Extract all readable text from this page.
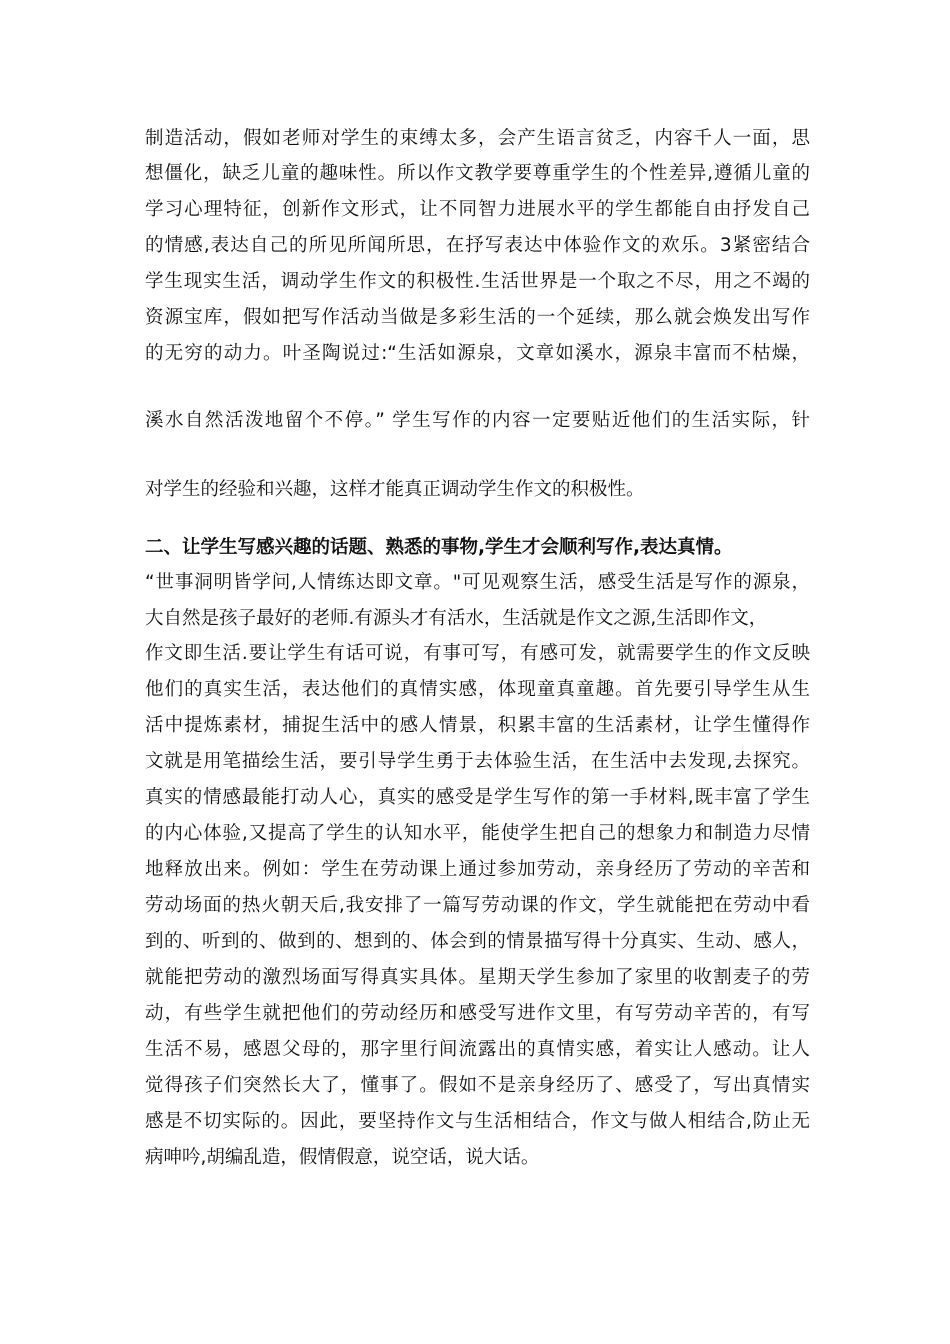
制造活动，假如老师对学生的束缚太多，会产生语言贫乏，内容千人一面，思
想僵化，缺乏儿童的趣味性。所以作文教学要尊重学生的个性差异,遵循儿童的
学习心理特征，创新作文形式，让不同智力进展水平的学生都能自由抒发自己
的情感,表达自己的所见所闻所思，在抒写表达中体验作文的欢乐。3紧密结合
学生现实生活，调动学生作文的积极性.生活世界是一个取之不尽，用之不竭的
资源宝库，假如把写作活动当做是多彩生活的一个延续，那么就会焕发出写作
的无穷的动力。叶圣陶说过:“生活如源泉，文章如溪水，源泉丰富而不枯燥，
溪水自然活泼地留个不停。” 学生写作的内容一定要贴近他们的生活实际，针
对学生的经验和兴趣，这样才能真正调动学生作文的积极性。
二、让学生写感兴趣的话题、熟悉的事物,学生才会顺利写作,表达真情。
“世事洞明皆学问,人情练达即文章。"可见观察生活，感受生活是写作的源泉，
大自然是孩子最好的老师.有源头才有活水，生活就是作文之源,生活即作文，
作文即生活.要让学生有话可说，有事可写，有感可发，就需要学生的作文反映
他们的真实生活，表达他们的真情实感，体现童真童趣。首先要引导学生从生
活中提炼素材，捕捉生活中的感人情景，积累丰富的生活素材，让学生懂得作
文就是用笔描绘生活，要引导学生勇于去体验生活，在生活中去发现,去探究。
真实的情感最能打动人心，真实的感受是学生写作的第一手材料,既丰富了学生
的内心体验,又提高了学生的认知水平，能使学生把自己的想象力和制造力尽情
地释放出来。例如：学生在劳动课上通过参加劳动，亲身经历了劳动的辛苦和
劳动场面的热火朝天后,我安排了一篇写劳动课的作文，学生就能把在劳动中看
到的、听到的、做到的、想到的、体会到的情景描写得十分真实、生动、感人，
就能把劳动的激烈场面写得真实具体。星期天学生参加了家里的收割麦子的劳
动，有些学生就把他们的劳动经历和感受写进作文里，有写劳动辛苦的，有写
生活不易，感恩父母的，那字里行间流露出的真情实感，着实让人感动。让人
觉得孩子们突然长大了，懂事了。假如不是亲身经历了、感受了，写出真情实
感是不切实际的。因此，要坚持作文与生活相结合，作文与做人相结合,防止无
病呻吟,胡编乱造，假情假意，说空话，说大话。
